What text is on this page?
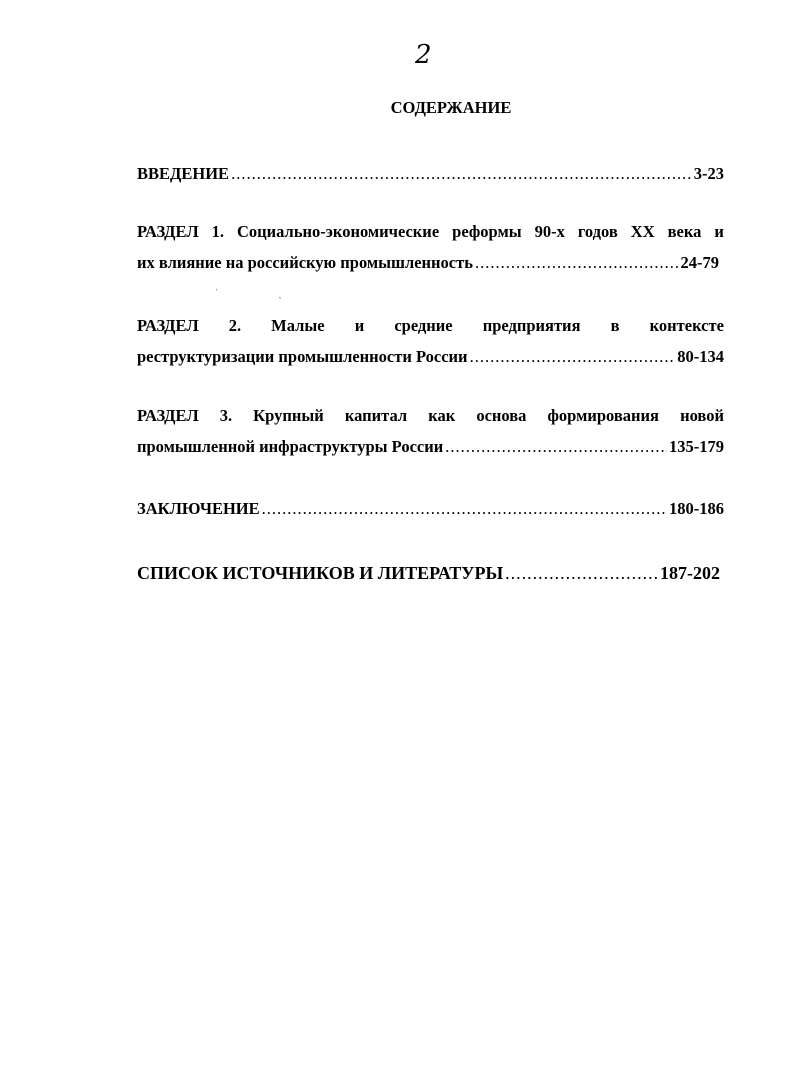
2
СОДЕРЖАНИЕ
ВВЕДЕНИЕ .....	3-23
РАЗДЕЛ 1. Социально-экономические реформы 90-х годов XX века и
их влияние на российскую промышленность .....	24-79
РАЗДЕЛ 2. Малые и средние предприятия в контексте
реструктуризации промышленности России .....	80-134
РАЗДЕЛ 3. Крупный капитал как основа формирования новой
промышленной инфраструктуры России .....	135-179
ЗАКЛЮЧЕНИЕ .....	180-186
СПИСОК ИСТОЧНИКОВ И ЛИТЕРАТУРЫ .....	187-202
ˈˏ
